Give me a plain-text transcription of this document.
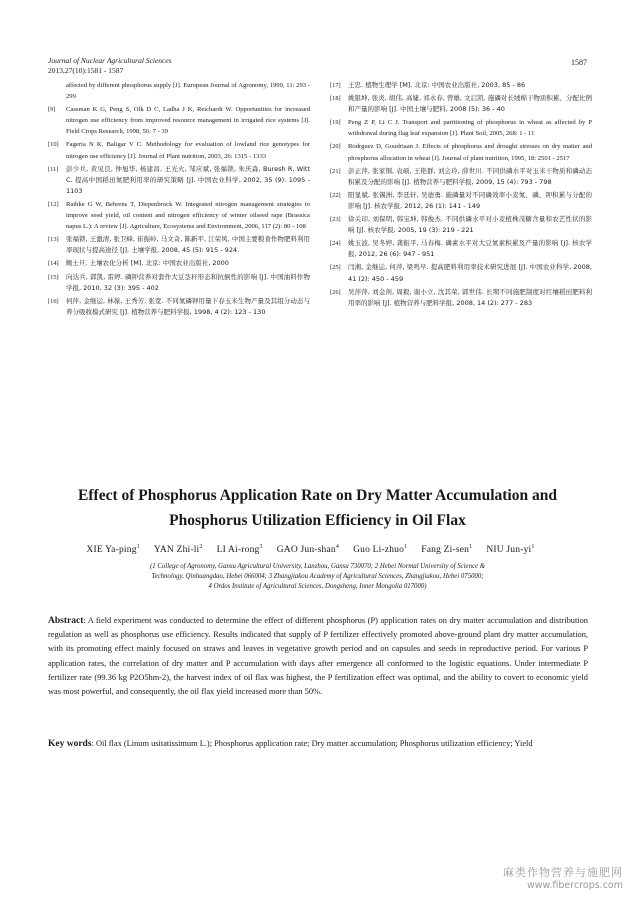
Journal of Nuclear Agricultural Sciences
2013,27(10):1581 - 1587
1587
affected by different phosphorus supply [J]. European Journal of Agronomy, 1999, 11: 293 - 299
[9]	Cassman K G, Peng S, Olk D C, Ladha J K, Reichardt W. Opportunities for increased nitrogen use efficiency from improved resource management in irrigated rice systems [J]. Field Crops Research, 1998, 56: 7 - 39
[10]	Fageria N K, Baligar V C. Methodology for evaluation of lowland rice genotypes for nitrogen use efficiency [J]. Journal of Plant nutrition, 2003, 26: 1315 - 1333
[11]	彭少兵, 黄见良, 钟旭华, 杨建昌, 王光火, 邹应斌, 张福锁, 朱庆森, Buresh R, Witt C. 提高中国稻田氮肥利用率的研究策略 [J]. 中国农业科学, 2002, 35 (9): 1095 - 1103
[12]	Rathke G W, Behrens T, Diepenbrock W. Integrated nitrogen management strategies to improve seed yield, oil content and nitrogen efficiency of winter oilseed rape (Brassica napus L.): A review [J]. Agriculture, Ecosystems and Environment, 2006, 117 (2): 80 - 108
[13]	张福锁, 王激清, 张卫峰, 崔振岭, 马文奇, 陈新平, 江荣风. 中国主要粮食作物肥料利用率现状与提高途径 [J]. 土壤学报, 2008, 45 (5): 915 - 924.
[14]	鲍士旦. 土壤农化分析 [M]. 北京: 中国农业出版社, 2000
[15]	向达兵, 郭凯, 雷婷. 磷钾营养对套作大豆茎秆形态和抗倒性的影响 [J]. 中国油料作物学报, 2010, 32 (3): 395 - 402
[16]	何萍, 金继运, 林葆, 王秀芳, 张宽. 不同氮磷钾用量下春玉米生物产量及其组分动态与养分吸收模式研究 [J]. 植物营养与肥料学报, 1998, 4 (2): 123 - 130
[17]	王忠. 植物生理学 [M]. 北京: 中国农业出版社, 2003, 85 - 86
[18]	姚银坤, 张炎, 胡伟, 高婕, 祁永春, 曾雄, 文启凯. 施磷对长绒棉干物质积累、分配比例和产量的影响 [J]. 中国土壤与肥料, 2008 (5): 36 - 40
[19]	Peng Z P, Li C J. Transport and partitioning of phosphorus in wheat as affected by P withdrawal during flag leaf expansion [J]. Plant Soil, 2005, 268: 1 - 11
[20]	Rodrguez D, Goudriaan J. Effects of phosphorus and drought stresses on dry matter and phosphorus allocation in wheat [J]. Journal of plant nutrition, 1995, 18: 2501 - 2517
[21]	彭正萍, 张家铜, 袁硕, 王艳群, 刘会玲, 薛世川. 不同供磷水平对玉米干物质和磷动态积累及分配的影响 [J]. 植物营养与肥料学报, 2009, 15 (4): 793 - 798
[22]	阳显斌, 张锡洲, 李廷轩, 吴德勇. 施磷量对不同磷效率小麦氮、磷、钾积累与分配的影响 [J]. 核农学报, 2012, 26 (1): 141 - 149
[23]	徐关印, 刘保明, 韩宝坤, 韩俊杰. 不同供磷水平对小麦植株茂糖含量和农艺性状的影响 [J]. 核农学报, 2005, 19 (3): 219 - 221
[24]	姚玉波, 吴冬婷, 龚振平, 马春梅. 磷素水平对大豆氮素积累及产量的影响 [J]. 核农学报, 2012, 26 (6): 947 - 951
[25]	闫湘, 金继运, 何萍, 梁鸣早. 提高肥料利用率技术研究进展 [J]. 中国农业科学, 2008, 41 (2): 450 - 459
[26]	吴萍萍, 刘金剑, 周毅, 谢小立, 沈其荣, 郭世伟. 长期不同施肥制度对红壤稻田肥料利用率的影响 [J]. 植物营养与肥料学报, 2008, 14 (2): 277 - 283
Effect of Phosphorus Application Rate on Dry Matter Accumulation and
Phosphorus Utilization Efficiency in Oil Flax
XIE Ya-ping$^1$ YAN Zhi-$li^2$ LI Ai-rong$^3$ GAO Jun-shan$^4$ Guo Li-zhuo$^1$ Fang Zi-sen$^1$ NIU Jun-$yi^1$
(1 College of Agronomy, Gansu Agricultural University, Lanzhou, Gansu 730070; 2 Hebei Normal University of Science &
Technology, Qinhuangdao, Hebei 066004; 3 Zhangjiakou Academy of Agricultural Sciences, Zhangjiakou, Hebei 075000;
4 Ordos Institute of Agricultural Sciences, Dongsheng, Inner Mongolia 017000)
Abstract: A field experiment was conducted to determine the effect of different phosphorus (P) application rates on dry matter accumulation and distribution regulation as well as phosphorus use efficiency. Results indicated that supply of P fertilizer effectively promoted above-ground plant dry matter accumulation, with its promoting effect mainly focused on straws and leaves in vegetative growth period and on capsules and seeds in reproductive period. For various P application rates, the correlation of dry matter and P accumulation with days after emergence all conformed to the logistic equations. Under intermediate P fertilizer rate (99.36 kg P2O5hm-2), the harvest index of oil flax was highest, the P fertilization effect was optimal, and the ability to covert to economic yield was most powerful, and consequently, the oil flax yield increased more than 50%.
Key words: Oil flax (Linum usitatissimum L.); Phosphorus application rate; Dry matter accumulation; Phosphorus utilization efficiency; Yield
麻类作物营养与施肥网
www.fibercrops.com
